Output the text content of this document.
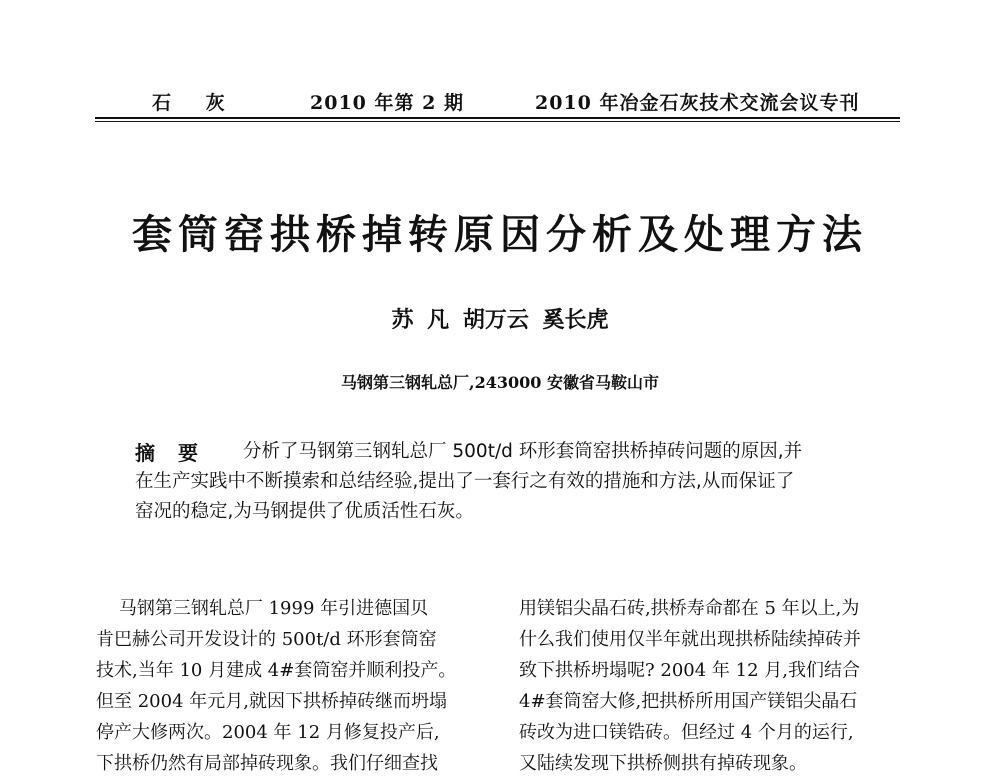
石 灰	2010 年第 2 期	2010 年冶金石灰技术交流会议专刊
套筒窑拱桥掉转原因分析及处理方法
苏 凡 胡万云 奚长虎
马钢第三钢轧总厂,243000 安徽省马鞍山市
摘 要 分析了马钢第三钢轧总厂 500t/d 环形套筒窑拱桥掉砖问题的原因,并
在生产实践中不断摸索和总结经验,提出了一套行之有效的措施和方法,从而保证了
窑况的稳定,为马钢提供了优质活性石灰。
马钢第三钢轧总厂 1999 年引进德国贝
肯巴赫公司开发设计的 500t/d 环形套筒窑
技术,当年 10 月建成 4#套筒窑并顺利投产。
但至 2004 年元月,就因下拱桥掉砖继而坍塌
停产大修两次。2004 年 12 月修复投产后,
下拱桥仍然有局部掉砖现象。我们仔细查找
用镁铝尖晶石砖,拱桥寿命都在 5 年以上,为
什么我们使用仅半年就出现拱桥陆续掉砖并
致下拱桥坍塌呢? 2004 年 12 月,我们结合
4#套筒窑大修,把拱桥所用国产镁铝尖晶石
砖改为进口镁锆砖。但经过 4 个月的运行,
又陆续发现下拱桥侧拱有掉砖现象。
